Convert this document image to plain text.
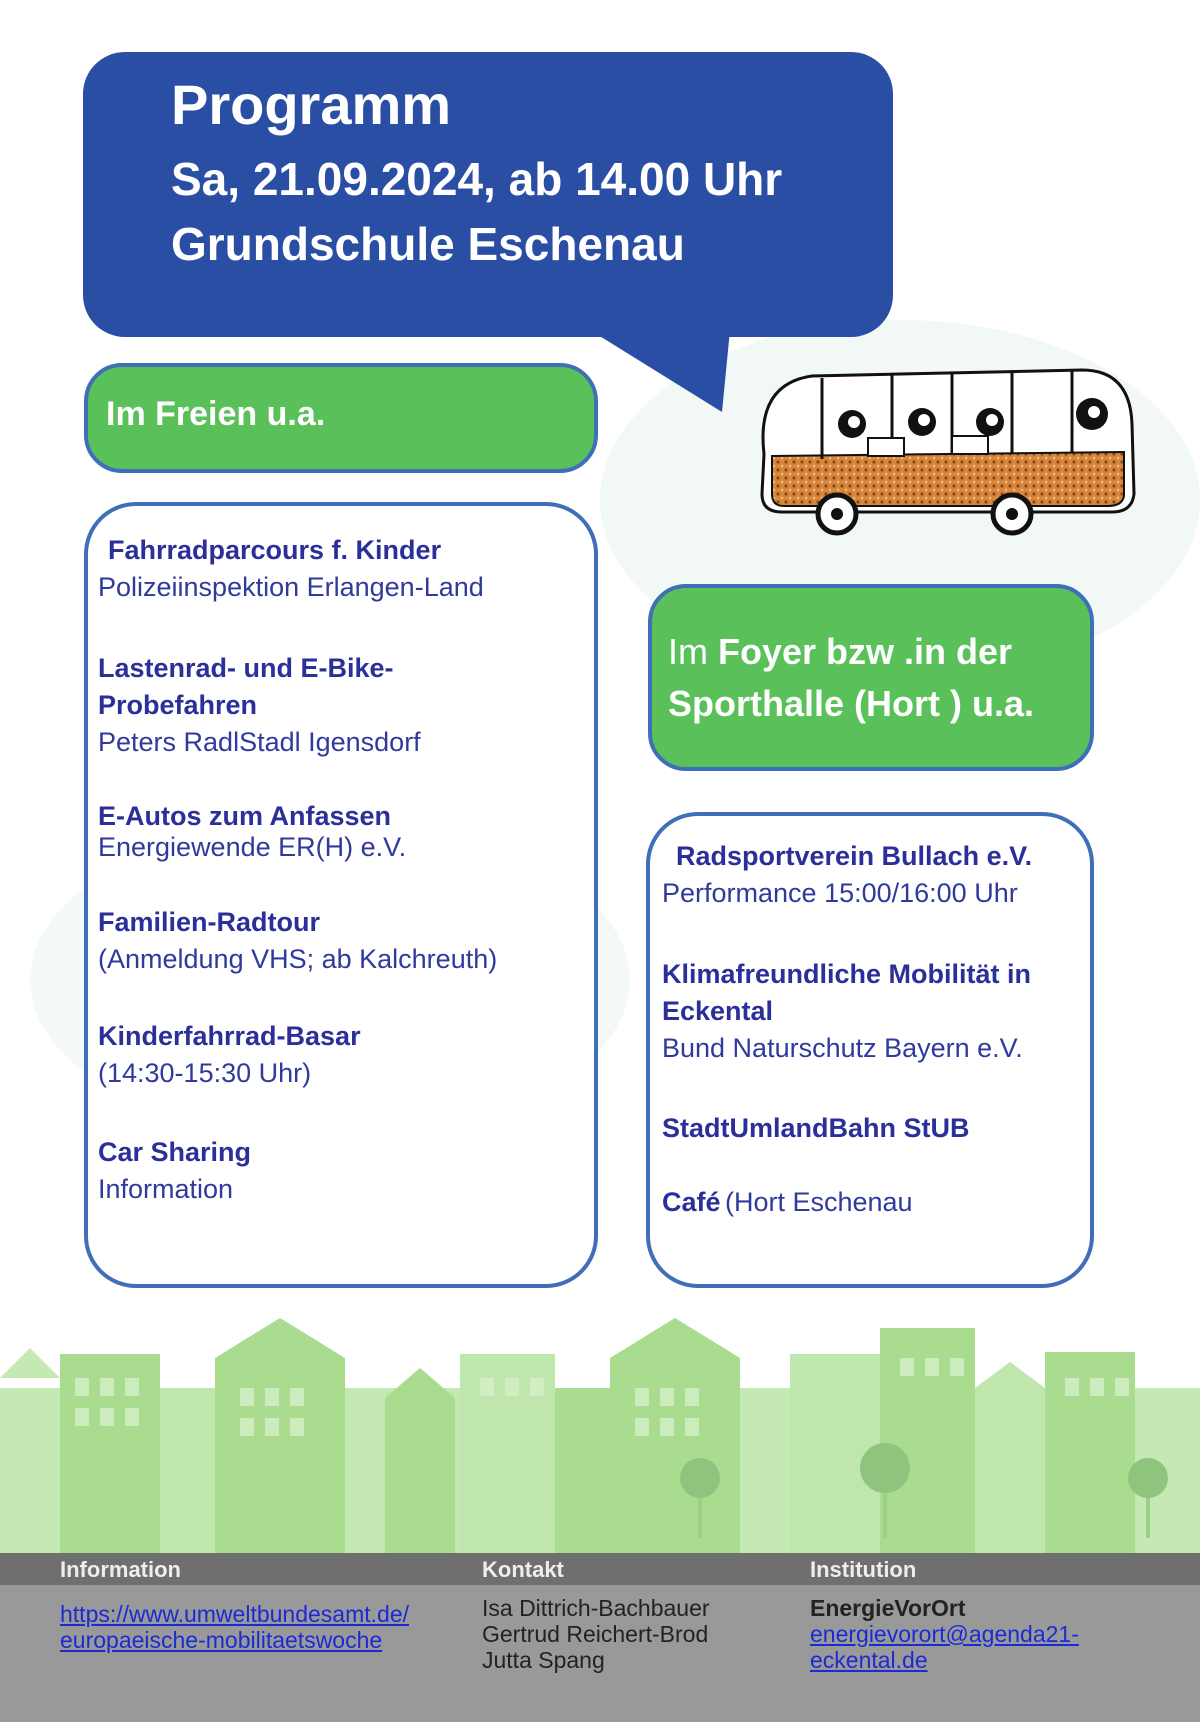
Programm

Sa, 21.09.2024, ab 14.00 Uhr

Grundschule Eschenau

Im Freien u.a.
Fahrradparcours f. Kinder
Polizeiinspektion Erlangen-Land
Lastenrad- und E-Bike-
Probefahren
Peters RadlStadl Igensdorf
E-Autos zum Anfassen
Energiewende ER(H) e.V.
Familien-Radtour
(Anmeldung VHS; ab Kalchreuth)
Kinderfahrrad-Basar
(14:30-15:30 Uhr)
Car Sharing
Information
Im Foyer bzw .in der
Sporthalle (Hort ) u.a.
Radsportverein Bullach e.V.
Performance 15:00/16:00 Uhr
Klimafreundliche Mobilität in
Eckental
Bund Naturschutz Bayern e.V.
StadtUmlandBahn StUB
Café (Hort Eschenau
Information	Kontakt	Institution
https://www.umweltbundesamt.de/
europaeische-mobilitaetswoche
Isa Dittrich-Bachbauer
Gertrud Reichert-Brod
Jutta Spang
EnergieVorOrt
energievorort@agenda21-
eckental.de
